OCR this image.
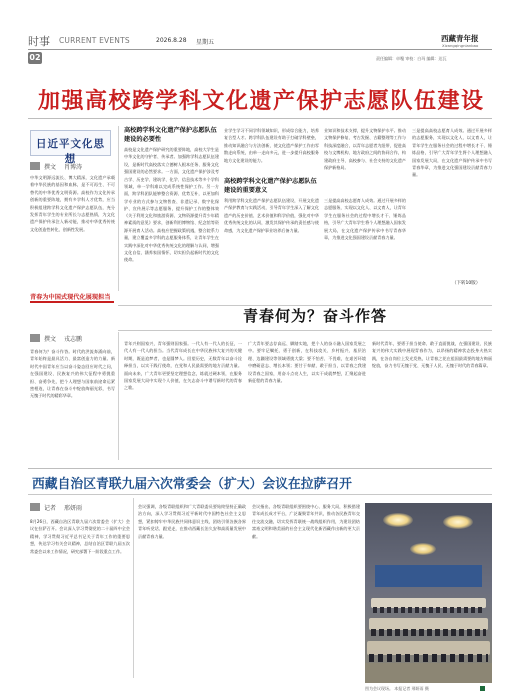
时事 CURRENT EVENTS
02
2026.8.28 星期五	西藏青年报
Xizangqingnianbao
责任编辑：卓嘎 审校：白玛 编辑：达瓦
加强高校跨学科文化遗产保护志愿队伍建设
日近平文化思想
撰文 肖博涛
中华文明源远流长、博大精深，文化遗产承载着中华民族的基因和血脉，是不可再生、不可替代的中华优秀文明资源。高校作为文化传承创新的重要阵地，拥有多学科人才优势，应当积极组建跨学科文化遗产保护志愿队伍，充分发挥青年学生的专业所长与志愿热情，为文化遗产保护传承注入新动能，推动中华优秀传统文化创造性转化、创新性发展。
高校跨学科文化遗产保护志愿队伍建设的必要性
高校是文化遗产保护研究的重要阵地，高校大学生是中华文化的守护者、传承者。加强跨学科志愿队伍建设，是新时代高校落实立德树人根本任务、服务文化强国建设的必然要求。一方面，文化遗产保护涉及考古学、历史学、建筑学、化学、信息技术等多个学科领域，单一学科难以完成系统性保护工作。另一方面，跨学科团队能够整合资源、优势互补，以更加科学专业的方式参与文物普查、非遗记录、数字化保护、宣传展示等志愿服务，提升保护工作的整体效
《关于利用文化和旅游资源、文物资源提升青少年精神素质的意见》要求，创新利用博物馆、纪念馆等资源开展育人活动。高校应把握政策机遇，整合院系力量，建立覆盖多学科的志愿服务体系，让青年学生在实践中深化对中华优秀传统文化的理解与认同，增强文化自信，涵养家国情怀，切实担负起新时代的文化使命。
业学生学习不同学科领域知识，形成综合能力，培养复合型人才。跨学科队伍建设有助于打破学科壁垒，推动知识融合与方法创新，使文化遗产保护工作由零散走向系统，由单一走向多元，进一步提升高校服务地方文化建设的能力。
高校跨学科文化遗产保护志愿队伍建设的重要意义
利用跨学科文化遗产保护志愿队伍建设，开展文化遗产保护教育与实践活动，引导青年学生深入了解文化遗产的历史价值、艺术价值和科学价值，强化对中华优秀传统文化的认同，激发其保护传承的责任感与使命感，为文化遗产保护事业培养后备力量。
业知识和技术支撑，提升文物保护水平。推动文物保护修复、考古发掘、古籍整理等工作与科技深度融合，以青年志愿者为纽带，促进高校与文博机构、地方政府之间的协同合作，构建政府主导、高校参与、社会支持的文化遗产保护新格局。
三是提高高校志愿育人成效。通过开展多样的志愿服务，实现以文化人、以文育人，让青年学生在服务社会的过程中增长才干、锤炼品格，引导广大青年学生将个人理想融入国家发展大局，在文化遗产保护传承中书写青春华章，为推进文化强国建设贡献青春力量。
三是提高高校志愿育人成效。通过开展多样的志愿服务，实现以文化人、以文育人，让青年学生在服务社会的过程中增长才干、锤炼品格，引导广大青年学生将个人理想融入国家发展大局，在文化遗产保护传承中书写青春华章，为推进文化强国建设贡献青春力量。
（下转10版）
青春为中国式现代化展现担当
青春何为？奋斗作答
撰文 戎志鹏
青春何为？奋斗作答。时代的洪流奔涌向前，青年始终是最具活力、最富创造力的力量。新时代中国青年应当以奋斗姿态回应时代之问，在强国建设、民族复兴的伟大征程中勇挑重担、奋勇争先，把个人理想与国家前途命运紧密相连，让青春在奋斗中绽放绚丽光彩，书写无愧于时代的精彩华章。
青年兴则国家兴，青年强则国家强。一代人有一代人的长征，一代人有一代人的担当。当代青年成长在中华民族伟大复兴的关键时期，既是追梦者，也是圆梦人。回望历史，无数青年以奋斗诠释担当，以实干践行使命，在党和人民最需要的地方贡献力量。面向未来，广大青年更要坚定理想信念，练就过硬本领，在服务国家发展大局中实现个人价值，在矢志奋斗中谱写新时代的青春之歌。
广大青年要志存高远、脚踏实地，把个人的奋斗融入国家发展之中。要牢记嘱托、勇于创新，在科技攻关、乡村振兴、基层治理、边疆建设等领域勇挑大梁；要不怕苦、不畏难，在艰苦环境中磨砺意志、增长本领；要甘于奉献、敢于担当，以青春之我建设青春之国家，用奋斗点亮人生，以实干成就梦想，汇聚起奋进新征程的青春力量。
新时代青年，要勇于担当使命、敢于直面挑战，在强国建设、民族复兴的伟大实践中展现青春作为，以昂扬的精神状态投身火热实践，在各自岗位上发光发热，让青春之花在祖国最需要的地方绚丽绽放，奋力书写无愧于党、无愧于人民、无愧于时代的青春篇章。
西藏自治区青联九届六次常委会（扩大）会议在拉萨召开
记者 邢妍雨
8月26日，西藏自治区青联九届六次常委会（扩大）会议在拉萨召开。会议深入学习贯彻党的二十届四中全会精神，学习贯彻习近平总书记关于青年工作的重要思想，传达学习有关会议精神，总结自治区青联九届五次常委会以来工作情况，研究部署下一阶段重点工作。
会议强调，各级青联组织和广大青联委员要始终坚持正确政治方向，深入学习贯彻习近平新时代中国特色社会主义思想，紧扣铸牢中华民族共同体意识主线，团结引领各族各界青年听党话、跟党走，在推动西藏长治久安和高质量发展中贡献青春力量。
会议指出，各级青联组织要围绕中心、服务大局，积极搭建青年成长成才平台，广泛凝聚青年共识，推动各民族青年交往交流交融，切实发挥青联统一战线组织作用，为建设团结富裕文明和谐美丽的社会主义现代化新西藏作出新的更大贡献。
图为会议现场。 本报记者 邢妍雨 摄
